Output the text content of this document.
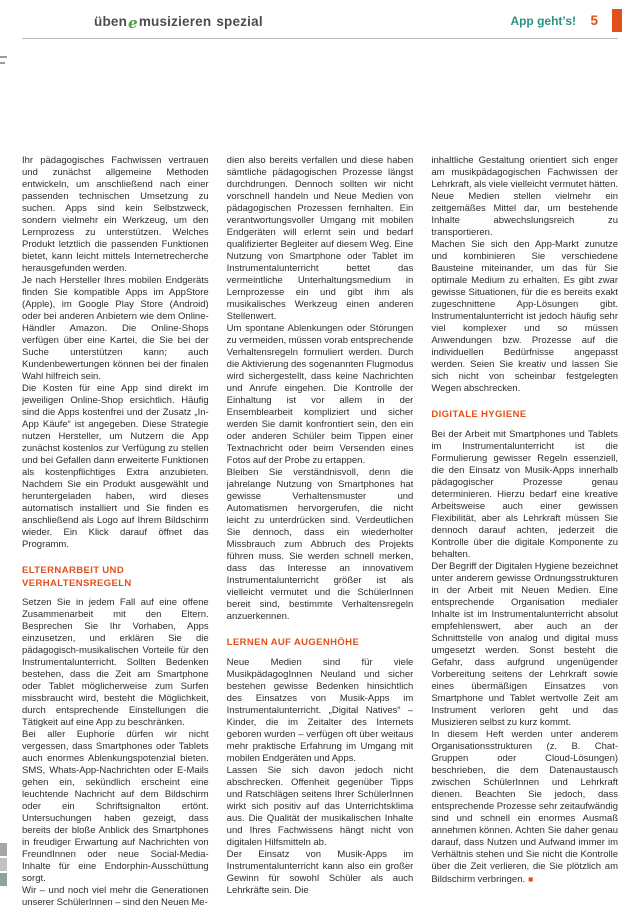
übenemusizieren spezial	App geht’s! 5

Ihr pädagogisches Fachwissen vertrauen und zunächst allgemeine Methoden entwickeln, um anschließend nach einer passenden technischen Umsetzung zu suchen. Apps sind kein Selbstzweck, sondern vielmehr ein Werkzeug, um den Lernprozess zu unterstützen. Welches Produkt letztlich die passenden Funktionen bietet, kann leicht mittels Internetrecherche herausgefunden werden.

Je nach Hersteller Ihres mobilen Endgeräts finden Sie kompatible Apps im AppStore (Apple), im Google Play Store (Android) oder bei anderen Anbietern wie dem Online-Händler Amazon. Die Online-Shops verfügen über eine Kartei, die Sie bei der Suche unterstützen kann; auch Kundenbewertungen können bei der finalen Wahl hilfreich sein.

Die Kosten für eine App sind direkt im jeweiligen Online-Shop ersichtlich. Häufig sind die Apps kostenfrei und der Zusatz „In-App Käufe“ ist angegeben. Diese Strategie nutzen Hersteller, um Nutzern die App zunächst kostenlos zur Verfügung zu stellen und bei Gefallen dann erweiterte Funktionen als kostenpflichtiges Extra anzubieten. Nachdem Sie ein Produkt ausgewählt und heruntergeladen haben, wird dieses automatisch installiert und Sie finden es anschließend als Logo auf Ihrem Bildschirm wieder. Ein Klick darauf öffnet das Programm.

ELTERNARBEIT UND VERHALTENSREGELN

Setzen Sie in jedem Fall auf eine offene Zusammenarbeit mit den Eltern. Besprechen Sie Ihr Vorhaben, Apps einzusetzen, und erklären Sie die pädagogisch-musikalischen Vorteile für den Instrumentalunterricht. Sollten Bedenken bestehen, dass die Zeit am Smartphone oder Tablet möglicherweise zum Surfen missbraucht wird, besteht die Möglichkeit, durch entsprechende Einstellungen die Tätigkeit auf eine App zu beschränken.

Bei aller Euphorie dürfen wir nicht vergessen, dass Smartphones oder Tablets auch enormes Ablenkungspotenzial bieten. SMS, Whats-App-Nachrichten oder E-Mails gehen ein, sekündlich erscheint eine leuchtende Nachricht auf dem Bildschirm oder ein Schriftsignalton ertönt. Untersuchungen haben gezeigt, dass bereits der bloße Anblick des Smartphones in freudiger Erwartung auf Nachrichten von FreundInnen oder neue Social-Media-Inhalte für eine Endorphin-Ausschüttung sorgt.

Wir – und noch viel mehr die Generationen unserer SchülerInnen – sind den Neuen Me-

dien also bereits verfallen und diese haben sämtliche pädagogischen Prozesse längst durchdrungen. Dennoch sollten wir nicht vorschnell handeln und Neue Medien von pädagogischen Prozessen fernhalten. Ein verantwortungsvoller Umgang mit mobilen Endgeräten will erlernt sein und bedarf qualifizierter Begleiter auf diesem Weg. Eine Nutzung von Smartphone oder Tablet im Instrumentalunterricht bettet das vermeintliche Unterhaltungsmedium in Lernprozesse ein und gibt ihm als musikalisches Werkzeug einen anderen Stellenwert.

Um spontane Ablenkungen oder Störungen zu vermeiden, müssen vorab entsprechende Verhaltensregeln formuliert werden. Durch die Aktivierung des sogenannten Flugmodus wird sichergestellt, dass keine Nachrichten und Anrufe eingehen. Die Kontrolle der Einhaltung ist vor allem in der Ensemblearbeit kompliziert und sicher werden Sie damit konfrontiert sein, den ein oder anderen Schüler beim Tippen einer Textnachricht oder beim Versenden eines Fotos auf der Probe zu ertappen.

Bleiben Sie verständnisvoll, denn die jahrelange Nutzung von Smartphones hat gewisse Verhaltensmuster und Automatismen hervorgerufen, die nicht leicht zu unterdrücken sind. Verdeutlichen Sie dennoch, dass ein wiederholter Missbrauch zum Abbruch des Projekts führen muss. Sie werden schnell merken, dass das Interesse an innovativem Instrumentalunterricht größer ist als vielleicht vermutet und die SchülerInnen bereit sind, bestimmte Verhaltensregeln anzuerkennen.

LERNEN AUF AUGENHÖHE

Neue Medien sind für viele MusikpädagogInnen Neuland und sicher bestehen gewisse Bedenken hinsichtlich des Einsatzes von Musik-Apps im Instrumentalunterricht. „Digital Natives“ – Kinder, die im Zeitalter des Internets geboren wurden – verfügen oft über weitaus mehr praktische Erfahrung im Umgang mit mobilen Endgeräten und Apps.

Lassen Sie sich davon jedoch nicht abschrecken. Offenheit gegenüber Tipps und Ratschlägen seitens Ihrer SchülerInnen wirkt sich positiv auf das Unterrichtsklima aus. Die Qualität der musikalischen Inhalte und Ihres Fachwissens hängt nicht von digitalen Hilfsmitteln ab.

Der Einsatz von Musik-Apps im Instrumentalunterricht kann also ein großer Gewinn für sowohl Schüler als auch Lehrkräfte sein. Die

inhaltliche Gestaltung orientiert sich enger am musikpädagogischen Fachwissen der Lehrkraft, als viele vielleicht vermutet hätten. Neue Medien stellen vielmehr ein zeitgemäßes Mittel dar, um bestehende Inhalte abwechslungsreich zu transportieren.

Machen Sie sich den App-Markt zunutze und kombinieren Sie verschiedene Bausteine miteinander, um das für Sie optimale Medium zu erhalten. Es gibt zwar gewisse Situationen, für die es bereits exakt zugeschnittene App-Lösungen gibt. Instrumentalunterricht ist jedoch häufig sehr viel komplexer und so müssen Anwendungen bzw. Prozesse auf die individuellen Bedürfnisse angepasst werden. Seien Sie kreativ und lassen Sie sich nicht von scheinbar festgelegten Wegen abschrecken.

DIGITALE HYGIENE

Bei der Arbeit mit Smartphones und Tablets im Instrumentalunterricht ist die Formulierung gewisser Regeln essenziell, die den Einsatz von Musik-Apps innerhalb pädagogischer Prozesse genau determinieren. Hierzu bedarf eine kreative Arbeitsweise auch einer gewissen Flexibilität, aber als Lehrkraft müssen Sie dennoch darauf achten, jederzeit die Kontrolle über die digitale Komponente zu behalten.

Der Begriff der Digitalen Hygiene bezeichnet unter anderem gewisse Ordnungsstrukturen in der Arbeit mit Neuen Medien. Eine entsprechende Organisation medialer Inhalte ist im Instrumentalunterricht absolut empfehlenswert, aber auch an der Schnittstelle von analog und digital muss umgesetzt werden. Sonst besteht die Gefahr, dass aufgrund ungenügender Vorbereitung seitens der Lehrkraft sowie eines übermäßigen Einsatzes von Smartphone und Tablet wertvolle Zeit am Instrument verloren geht und das Musizieren selbst zu kurz kommt.

In diesem Heft werden unter anderem Organisationsstrukturen (z. B. Chat-Gruppen oder Cloud-Lösungen) beschrieben, die dem Datenaustausch zwischen SchülerInnen und Lehrkraft dienen. Beachten Sie jedoch, dass entsprechende Prozesse sehr zeitaufwändig sind und schnell ein enormes Ausmaß annehmen können. Achten Sie daher genau darauf, dass Nutzen und Aufwand immer im Verhältnis stehen und Sie nicht die Kontrolle über die Zeit verlieren, die Sie plötzlich am Bildschirm verbringen. ■
